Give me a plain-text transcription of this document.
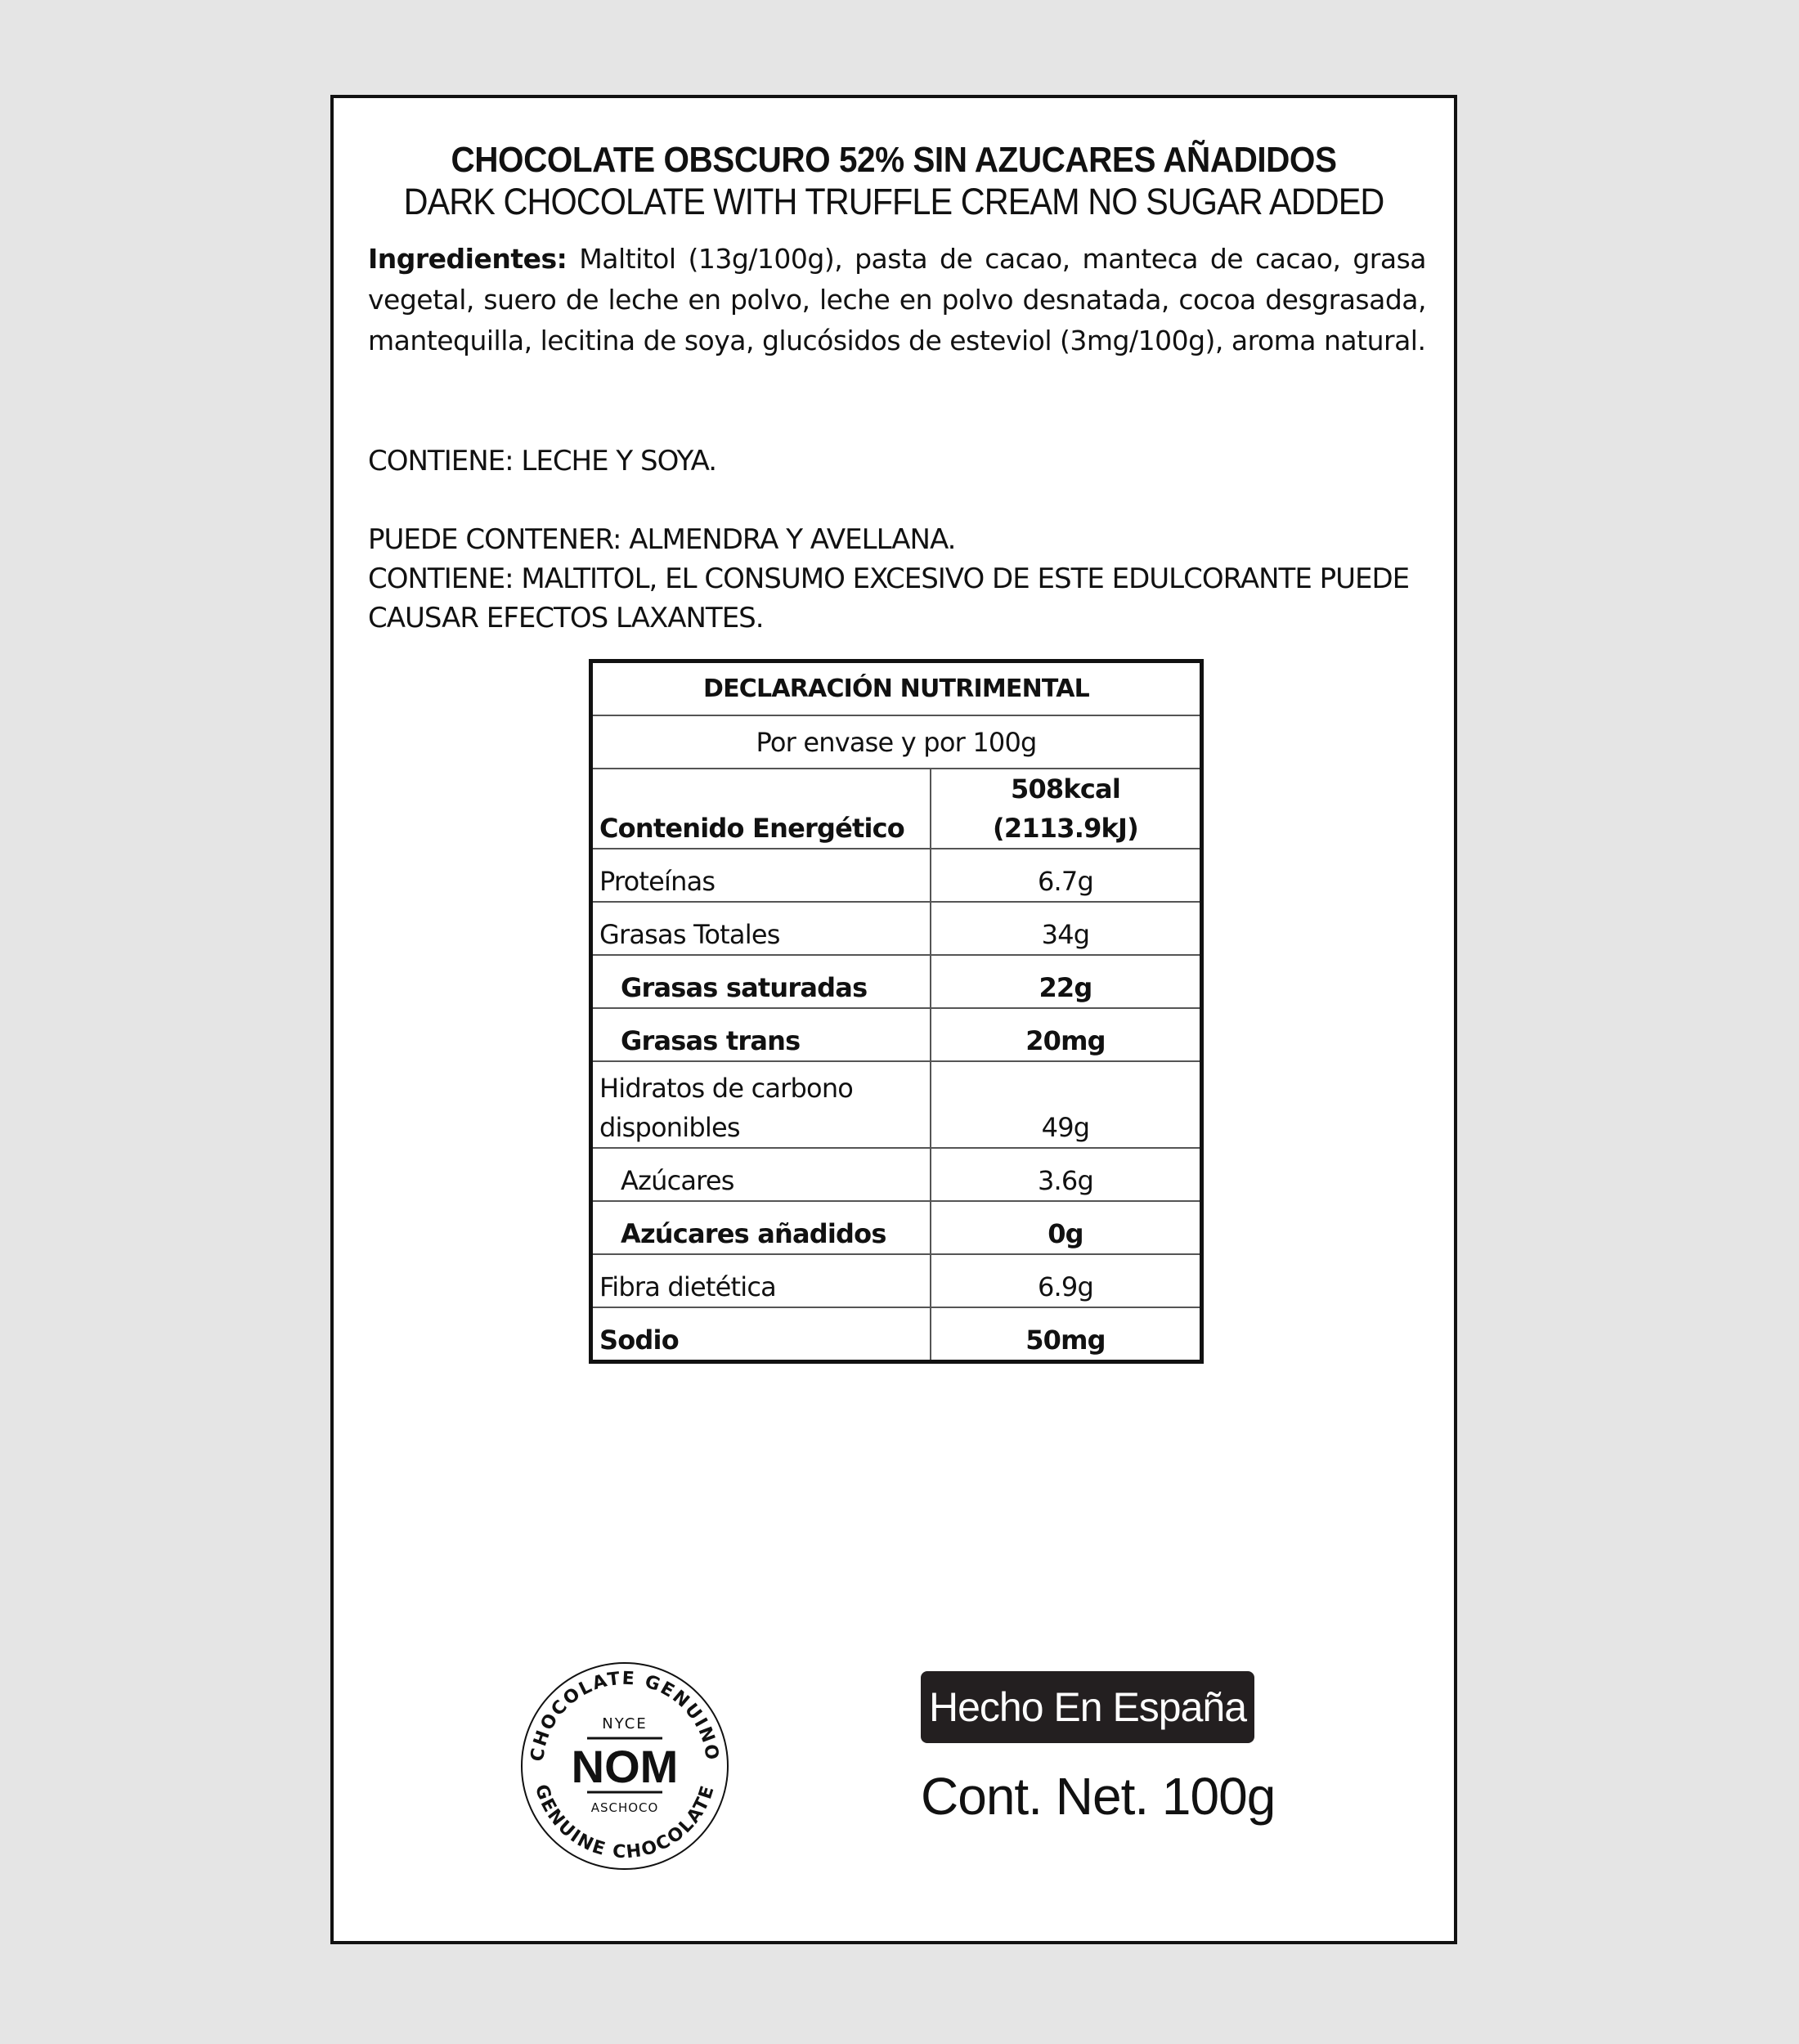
CHOCOLATE OBSCURO 52% SIN AZUCARES AÑADIDOS
DARK CHOCOLATE WITH TRUFFLE CREAM NO SUGAR ADDED
Ingredientes: Maltitol (13g/100g), pasta de cacao, manteca de cacao, grasa vegetal, suero de leche en polvo, leche en polvo desnatada, cocoa desgrasada, mantequilla, lecitina de soya, glucósidos de esteviol (3mg/100g), aroma natural.
CONTIENE: LECHE Y SOYA.
PUEDE CONTENER: ALMENDRA Y AVELLANA.
CONTIENE: MALTITOL, EL CONSUMO EXCESIVO DE ESTE EDULCORANTE PUEDE CAUSAR EFECTOS LAXANTES.
DECLARACIÓN NUTRIMENTAL	
Por envase y por 100g	
Contenido Energético	508kcal (2113.9kJ)
Proteínas	6.7g
Grasas Totales	34g
Grasas saturadas	22g
Grasas trans	20mg
Hidratos de carbono disponibles	49g
Azúcares	3.6g
Azúcares añadidos	0g
Fibra dietética	6.9g
Sodio	50mg
CHOCOLATE GENUINO
GENUINE CHOCOLATE
NYCE
NOM
ASCHOCO
Hecho En España
Cont. Net. 100g
